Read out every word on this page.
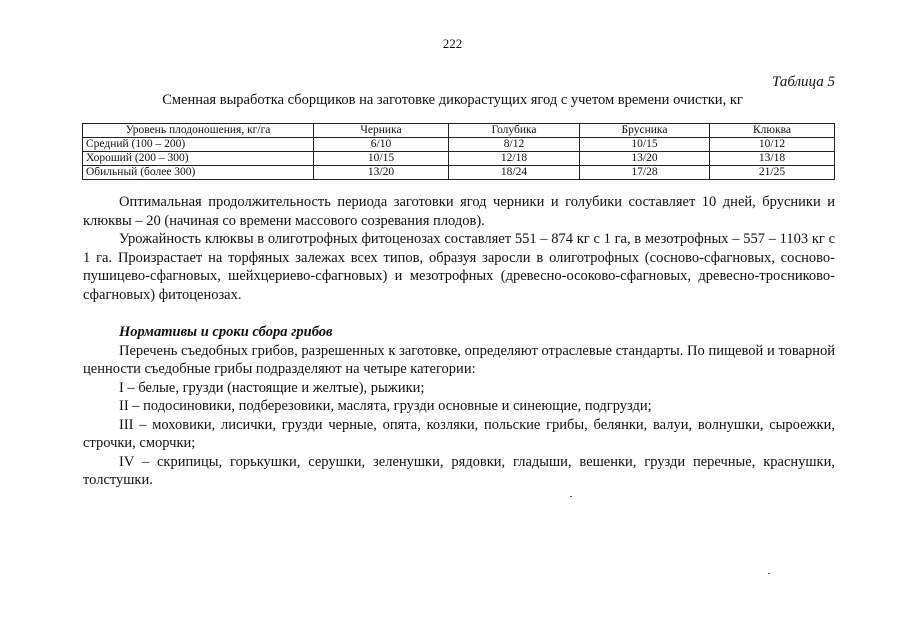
222
Таблица 5
Сменная выработка сборщиков на заготовке дикорастущих ягод с учетом времени очистки, кг
Уровень плодоношения, кг/га	Черника	Голубика	Брусника	Клюква
Средний (100 – 200)	6/10	8/12	10/15	10/12
Хороший (200 – 300)	10/15	12/18	13/20	13/18
Обильный (более 300)	13/20	18/24	17/28	21/25

Оптимальная продолжительность периода заготовки ягод черники и голубики составляет 10 дней, брусники и клюквы – 20 (начиная со времени массового созревания плодов).

Урожайность клюквы в олиготрофных фитоценозах составляет 551 – 874 кг с 1 га, в мезотрофных – 557 – 1103 кг с 1 га. Произрастает на торфяных залежах всех типов, образуя заросли в олиготрофных (сосново-сфагновых, сосново-пушицево-сфагновых, шейхцериево-сфагновых) и мезотрофных (древесно-осоково-сфагновых, древесно-тросниково-сфагновых) фитоценозах.

Нормативы и сроки сбора грибов

Перечень съедобных грибов, разрешенных к заготовке, определяют отраслевые стандарты. По пищевой и товарной ценности съедобные грибы подразделяют на четыре категории:

I – белые, грузди (настоящие и желтые), рыжики;

II – подосиновики, подберезовики, маслята, грузди основные и синеющие, подгрузди;

III – моховики, лисички, грузди черные, опята, козляки, польские грибы, белянки, валуи, волнушки, сыроежки, строчки, сморчки;

IV – скрипицы, горькушки, серушки, зеленушки, рядовки, гладыши, вешенки, грузди перечные, краснушки, толстушки.
